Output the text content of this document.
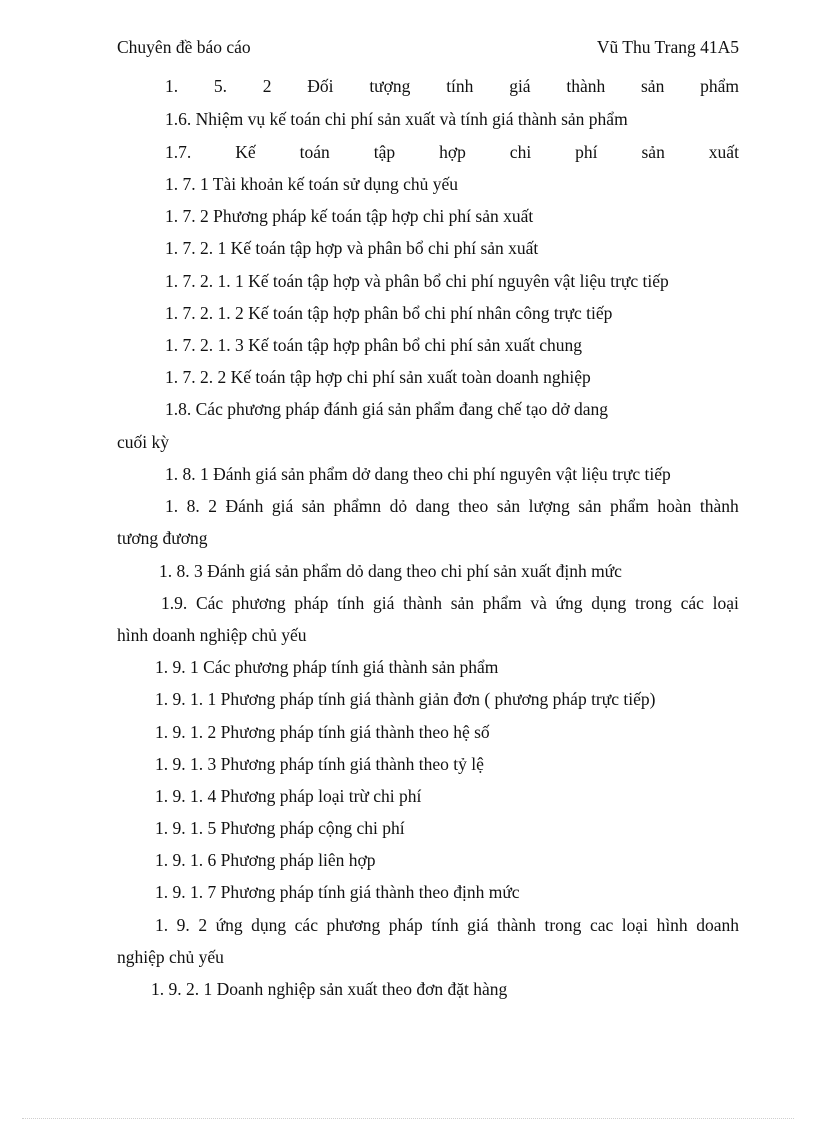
Chuyên đề báo cáo	Vũ Thu Trang 41A5
1. 5. 2 Đối tượng tính giá thành sản phẩm
1.6. Nhiệm vụ kế toán chi phí sản xuất và tính giá thành sản phẩm
1.7.	Kế	toán	tập	hợp	chi	phí	sản	xuất
1. 7. 1 Tài khoản kế toán sử dụng chủ yếu
1. 7. 2 Phương pháp kế toán tập hợp chi phí sản xuất
1. 7. 2. 1 Kế toán tập hợp và phân bổ chi phí sản xuất
1. 7. 2. 1. 1 Kế toán tập hợp và phân bổ chi phí nguyên vật liệu trực tiếp
1. 7. 2. 1. 2 Kế toán tập hợp phân bổ chi phí nhân công trực tiếp
1. 7. 2. 1. 3 Kế toán tập hợp phân bổ chi phí sản xuất chung
1. 7. 2. 2 Kế toán tập hợp chi phí sản xuất toàn doanh nghiệp
1.8. Các phương pháp đánh giá sản phẩm đang chế tạo dở dang
cuối kỳ
1. 8. 1 Đánh giá sản phẩm dở dang theo chi phí nguyên vật liệu trực tiếp
1. 8. 2 Đánh giá sản phẩmn dỏ dang theo sản lượng sản phẩm hoàn thành
tương đương
1. 8. 3 Đánh giá sản phẩm dỏ dang theo chi phí sản xuất định mức
1.9. Các phương pháp tính giá thành sản phẩm và ứng dụng trong các loại
hình doanh nghiệp chủ yếu
1. 9. 1 Các phương pháp tính giá thành sản phẩm
1. 9. 1. 1 Phương pháp tính giá thành giản đơn ( phương pháp trực tiếp)
1. 9. 1. 2 Phương pháp tính giá thành theo hệ số
1. 9. 1. 3 Phương pháp tính giá thành theo tỷ lệ
1. 9. 1. 4 Phương pháp loại trừ chi phí
1. 9. 1. 5 Phương pháp cộng chi phí
1. 9. 1. 6 Phương pháp liên hợp
1. 9. 1. 7 Phương pháp tính giá thành theo định mức
1. 9. 2 ứng dụng các phương pháp tính giá thành trong cac loại hình doanh
nghiệp chủ yếu
1. 9. 2. 1 Doanh nghiệp sản xuất theo đơn đặt hàng
